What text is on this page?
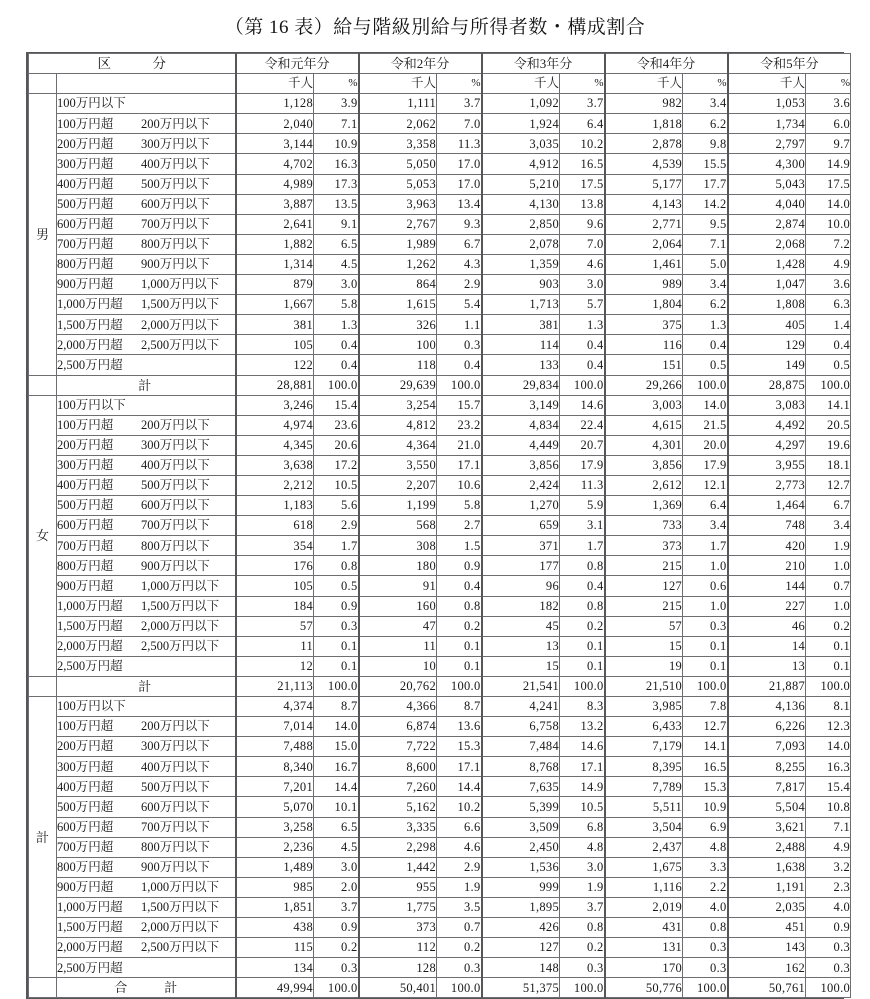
（第 16 表）給与階級別給与所得者数・構成割合
区　分		令和元年分		令和2年分		令和3年分		令和4年分		令和5年分	
		千人	%	千人	%	千人	%	千人	%	千人	%
男	100万円以下	1,128	3.9	1,111	3.7	1,092	3.7	982	3.4	1,053	3.6
	100万円超 200万円以下	2,040	7.1	2,062	7.0	1,924	6.4	1,818	6.2	1,734	6.0
	200万円超 300万円以下	3,144	10.9	3,358	11.3	3,035	10.2	2,878	9.8	2,797	9.7
	300万円超 400万円以下	4,702	16.3	5,050	17.0	4,912	16.5	4,539	15.5	4,300	14.9
	400万円超 500万円以下	4,989	17.3	5,053	17.0	5,210	17.5	5,177	17.7	5,043	17.5
	500万円超 600万円以下	3,887	13.5	3,963	13.4	4,130	13.8	4,143	14.2	4,040	14.0
	600万円超 700万円以下	2,641	9.1	2,767	9.3	2,850	9.6	2,771	9.5	2,874	10.0
	700万円超 800万円以下	1,882	6.5	1,989	6.7	2,078	7.0	2,064	7.1	2,068	7.2
	800万円超 900万円以下	1,314	4.5	1,262	4.3	1,359	4.6	1,461	5.0	1,428	4.9
	900万円超 1,000万円以下	879	3.0	864	2.9	903	3.0	989	3.4	1,047	3.6
	1,000万円超 1,500万円以下	1,667	5.8	1,615	5.4	1,713	5.7	1,804	6.2	1,808	6.3
	1,500万円超 2,000万円以下	381	1.3	326	1.1	381	1.3	375	1.3	405	1.4
	2,000万円超 2,500万円以下	105	0.4	100	0.3	114	0.4	116	0.4	129	0.4
	2,500万円超	122	0.4	118	0.4	133	0.4	151	0.5	149	0.5
	計	28,881	100.0	29,639	100.0	29,834	100.0	29,266	100.0	28,875	100.0
女	100万円以下	3,246	15.4	3,254	15.7	3,149	14.6	3,003	14.0	3,083	14.1
	100万円超 200万円以下	4,974	23.6	4,812	23.2	4,834	22.4	4,615	21.5	4,492	20.5
	200万円超 300万円以下	4,345	20.6	4,364	21.0	4,449	20.7	4,301	20.0	4,297	19.6
	300万円超 400万円以下	3,638	17.2	3,550	17.1	3,856	17.9	3,856	17.9	3,955	18.1
	400万円超 500万円以下	2,212	10.5	2,207	10.6	2,424	11.3	2,612	12.1	2,773	12.7
	500万円超 600万円以下	1,183	5.6	1,199	5.8	1,270	5.9	1,369	6.4	1,464	6.7
	600万円超 700万円以下	618	2.9	568	2.7	659	3.1	733	3.4	748	3.4
	700万円超 800万円以下	354	1.7	308	1.5	371	1.7	373	1.7	420	1.9
	800万円超 900万円以下	176	0.8	180	0.9	177	0.8	215	1.0	210	1.0
	900万円超 1,000万円以下	105	0.5	91	0.4	96	0.4	127	0.6	144	0.7
	1,000万円超 1,500万円以下	184	0.9	160	0.8	182	0.8	215	1.0	227	1.0
	1,500万円超 2,000万円以下	57	0.3	47	0.2	45	0.2	57	0.3	46	0.2
	2,000万円超 2,500万円以下	11	0.1	11	0.1	13	0.1	15	0.1	14	0.1
	2,500万円超	12	0.1	10	0.1	15	0.1	19	0.1	13	0.1
	計	21,113	100.0	20,762	100.0	21,541	100.0	21,510	100.0	21,887	100.0
計	100万円以下	4,374	8.7	4,366	8.7	4,241	8.3	3,985	7.8	4,136	8.1
	100万円超 200万円以下	7,014	14.0	6,874	13.6	6,758	13.2	6,433	12.7	6,226	12.3
	200万円超 300万円以下	7,488	15.0	7,722	15.3	7,484	14.6	7,179	14.1	7,093	14.0
	300万円超 400万円以下	8,340	16.7	8,600	17.1	8,768	17.1	8,395	16.5	8,255	16.3
	400万円超 500万円以下	7,201	14.4	7,260	14.4	7,635	14.9	7,789	15.3	7,817	15.4
	500万円超 600万円以下	5,070	10.1	5,162	10.2	5,399	10.5	5,511	10.9	5,504	10.8
	600万円超 700万円以下	3,258	6.5	3,335	6.6	3,509	6.8	3,504	6.9	3,621	7.1
	700万円超 800万円以下	2,236	4.5	2,298	4.6	2,450	4.8	2,437	4.8	2,488	4.9
	800万円超 900万円以下	1,489	3.0	1,442	2.9	1,536	3.0	1,675	3.3	1,638	3.2
	900万円超 1,000万円以下	985	2.0	955	1.9	999	1.9	1,116	2.2	1,191	2.3
	1,000万円超 1,500万円以下	1,851	3.7	1,775	3.5	1,895	3.7	2,019	4.0	2,035	4.0
	1,500万円超 2,000万円以下	438	0.9	373	0.7	426	0.8	431	0.8	451	0.9
	2,000万円超 2,500万円以下	115	0.2	112	0.2	127	0.2	131	0.3	143	0.3
	2,500万円超	134	0.3	128	0.3	148	0.3	170	0.3	162	0.3
	合　計	49,994	100.0	50,401	100.0	51,375	100.0	50,776	100.0	50,761	100.0
